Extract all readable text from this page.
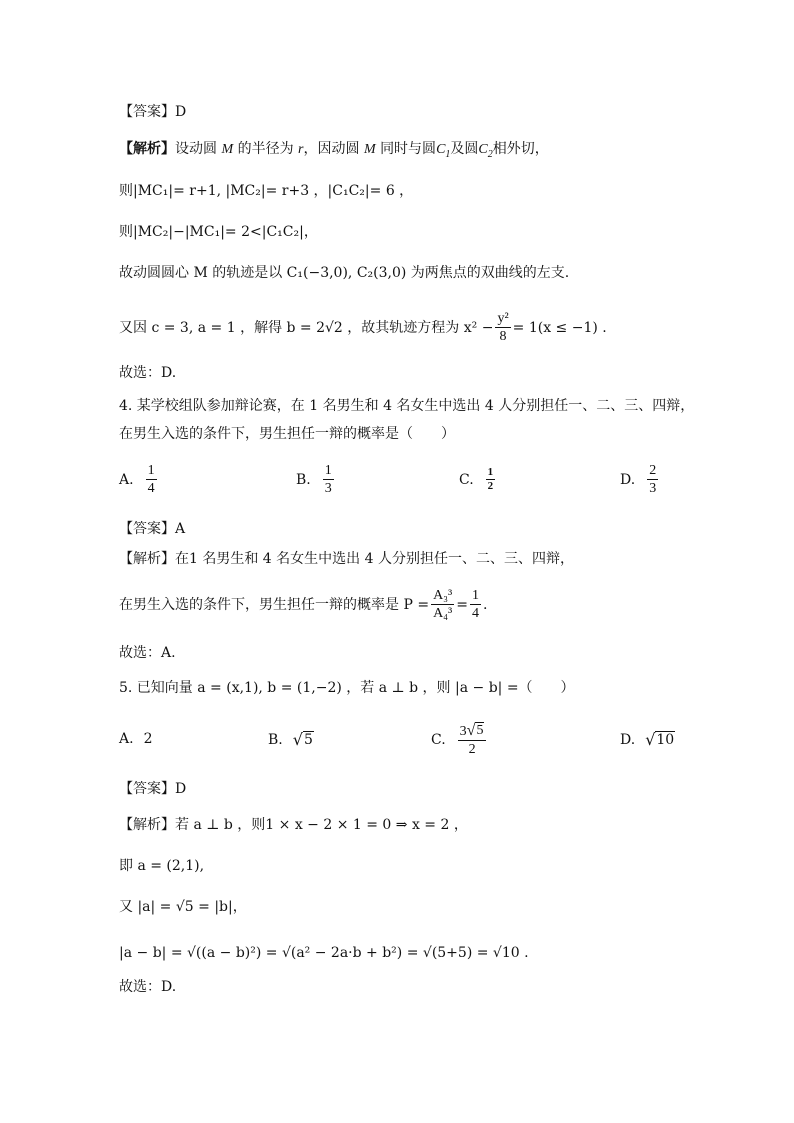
【答案】D
【解析】设动圆 M 的半径为 r，因动圆 M 同时与圆$C_1$及圆$C_2$相外切，
则|MC₁|= r+1, |MC₂|= r+3 ，|C₁C₂|= 6 ，
则|MC₂|−|MC₁|= 2<|C₁C₂|，
故动圆圆心 M 的轨迹是以 C₁(−3,0), C₂(3,0) 为两焦点的双曲线的左支.
又因 c = 3, a = 1 ，解得 b = 2√2 ，故其轨迹方程为 $x^2 - \frac{\text{y²}}{8} = 1(x \le -1)$ .
故选：D.
4. 某学校组队参加辩论赛，在 1 名男生和 4 名女生中选出 4 人分别担任一、二、三、四辩，
在男生入选的条件下，男生担任一辩的概率是（　　）
A. $\frac{1}{4}$	B. $\frac{1}{3}$	C. $\frac{1}{2}$	D. $\frac{2}{3}$
【答案】A
【解析】在1 名男生和 4 名女生中选出 4 人分别担任一、二、三、四辩，
在男生入选的条件下，男生担任一辩的概率是 $P = \frac{\text{A₃³}}{\text{A₄³}} = \frac{1}{4}$ .
故选：A.
5. 已知向量 a = (x,1), b = (1,−2) ，若 a ⊥ b ，则 |a − b| =（　　）
A. 2	B. √ 5	C. $\frac{3 √ 5}{2}$	D. √ 10
【答案】D
【解析】若 a ⊥ b ，则1 × x − 2 × 1 = 0 ⇒ x = 2 ，
即 a = (2,1),
又 |a| = √5 = |b|，
|a − b| = √((a − b)²) = √(a² − 2a·b + b²) = √(5+5) = √10 .
故选：D.
